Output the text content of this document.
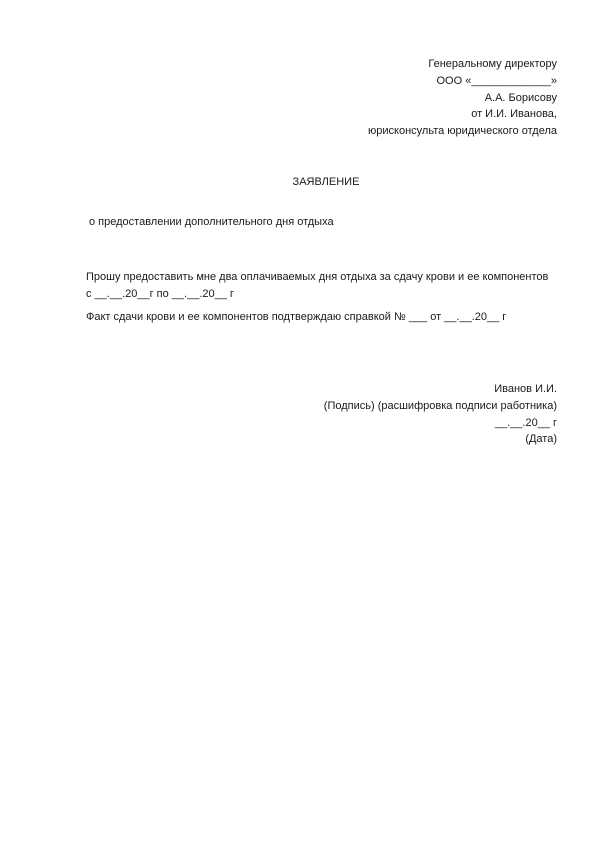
Генеральному директору
ООО «_____________»
А.А. Борисову
от И.И. Иванова,
юрисконсульта юридического отдела
ЗАЯВЛЕНИЕ
о предоставлении дополнительного дня отдыха
Прошу предоставить мне два оплачиваемых дня отдыха за сдачу крови и ее компонентов
с __.__.20__г по __.__.20__ г
Факт сдачи крови и ее компонентов подтверждаю справкой № ___ от __.__.20__ г
Иванов И.И.
(Подпись) (расшифровка подписи работника)
__.__.20__ г
(Дата)
